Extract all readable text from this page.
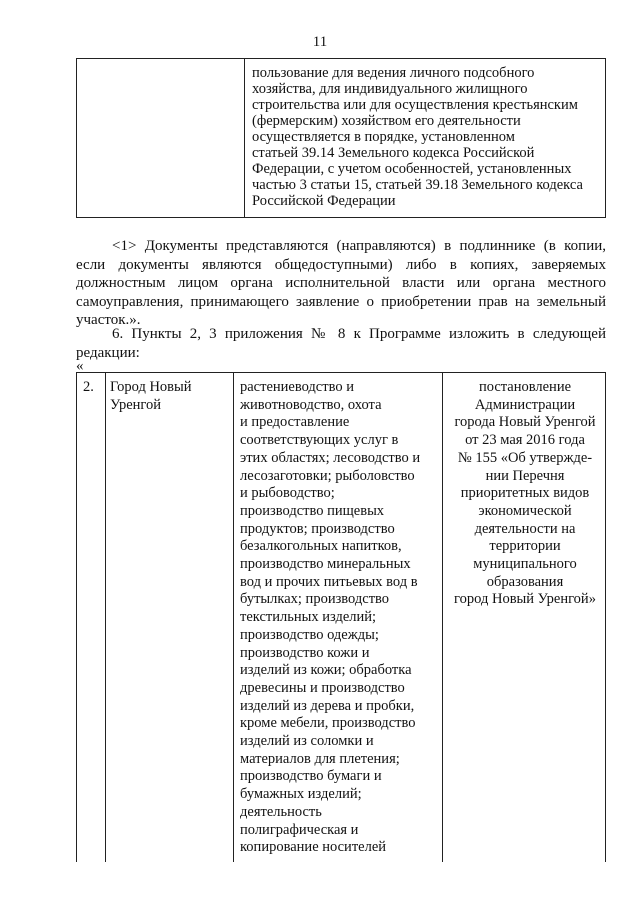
11

пользование для ведения личного подсобного
хозяйства, для индивидуального жилищного
строительства или для осуществления крестьянским
(фермерским) хозяйством его деятельности
осуществляется в порядке, установленном
статьей 39.14 Земельного кодекса Российской
Федерации, с учетом особенностей, установленных
частью 3 статьи 15, статьей 39.18 Земельного кодекса
Российской Федерации

<1> Документы представляются (направляются) в подлиннике (в копии, если документы являются общедоступными) либо в копиях, заверяемых должностным лицом органа исполнительной власти или органа местного самоуправления, принимающего заявление о приобретении прав на земельный участок.».

6. Пункты 2, 3 приложения № 8 к Программе изложить в следующей редакции:

«

2.	Город Новый
Уренгой

растениеводство и
животноводство, охота
и предоставление
соответствующих услуг в
этих областях; лесоводство и
лесозаготовки; рыболовство
и рыбоводство;
производство пищевых
продуктов; производство
безалкогольных напитков,
производство минеральных
вод и прочих питьевых вод в
бутылках; производство
текстильных изделий;
производство одежды;
производство кожи и
изделий из кожи; обработка
древесины и производство
изделий из дерева и пробки,
кроме мебели, производство
изделий из соломки и
материалов для плетения;
производство бумаги и
бумажных изделий;
деятельность
полиграфическая и
копирование носителей

постановление
Администрации
города Новый Уренгой
от 23 мая 2016 года
№ 155 «Об утвержде-
нии Перечня
приоритетных видов
экономической
деятельности на
территории
муниципального
образования
город Новый Уренгой»
